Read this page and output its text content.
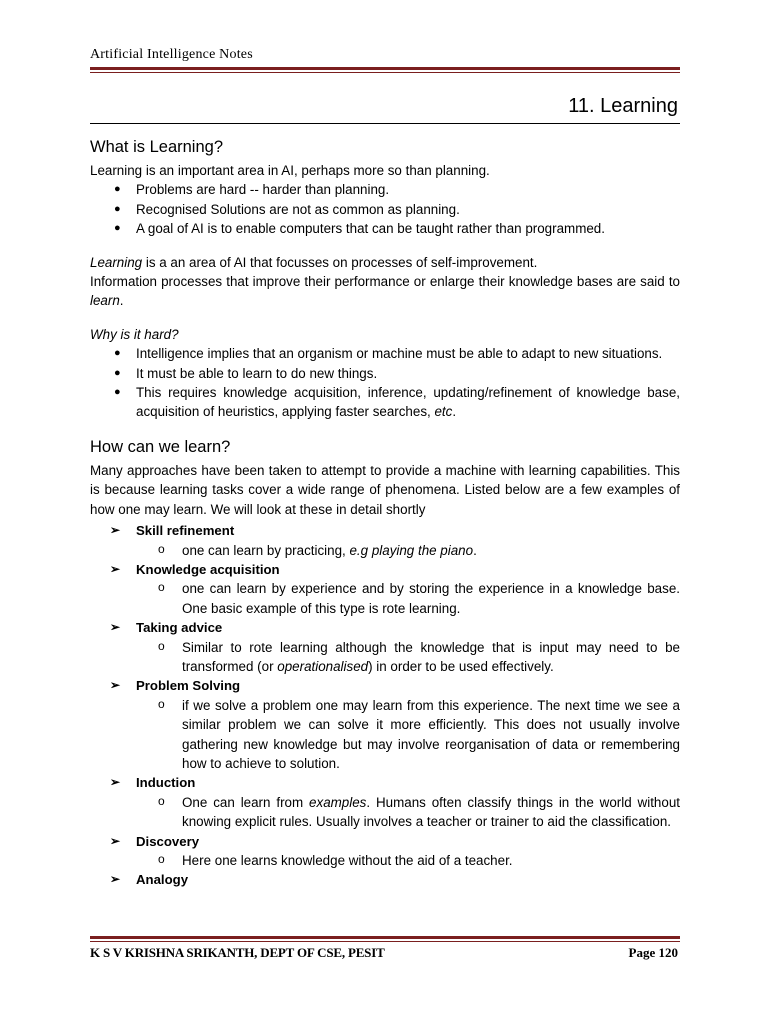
Artificial Intelligence Notes
11. Learning
What is Learning?

Learning is an important area in AI, perhaps more so than planning.

● Problems are hard -- harder than planning.
● Recognised Solutions are not as common as planning.
● A goal of AI is to enable computers that can be taught rather than programmed.

Learning is a an area of AI that focusses on processes of self-improvement.

Information processes that improve their performance or enlarge their knowledge bases are said to learn.

Why is it hard?

● Intelligence implies that an organism or machine must be able to adapt to new situations.
● It must be able to learn to do new things.
● This requires knowledge acquisition, inference, updating/refinement of knowledge base, acquisition of heuristics, applying faster searches, etc.
How can we learn?

Many approaches have been taken to attempt to provide a machine with learning capabilities. This is because learning tasks cover a wide range of phenomena. Listed below are a few examples of how one may learn. We will look at these in detail shortly

➢ Skill refinement
o one can learn by practicing, e.g playing the piano.
➢ Knowledge acquisition
o one can learn by experience and by storing the experience in a knowledge base. One basic example of this type is rote learning.
➢ Taking advice
o Similar to rote learning although the knowledge that is input may need to be transformed (or operationalised) in order to be used effectively.
➢ Problem Solving
o if we solve a problem one may learn from this experience. The next time we see a similar problem we can solve it more efficiently. This does not usually involve gathering new knowledge but may involve reorganisation of data or remembering how to achieve to solution.
➢ Induction
o One can learn from examples. Humans often classify things in the world without knowing explicit rules. Usually involves a teacher or trainer to aid the classification.
➢ Discovery
o Here one learns knowledge without the aid of a teacher.
➢ Analogy
K S V KRISHNA SRIKANTH, DEPT OF CSE, PESIT	Page 120
